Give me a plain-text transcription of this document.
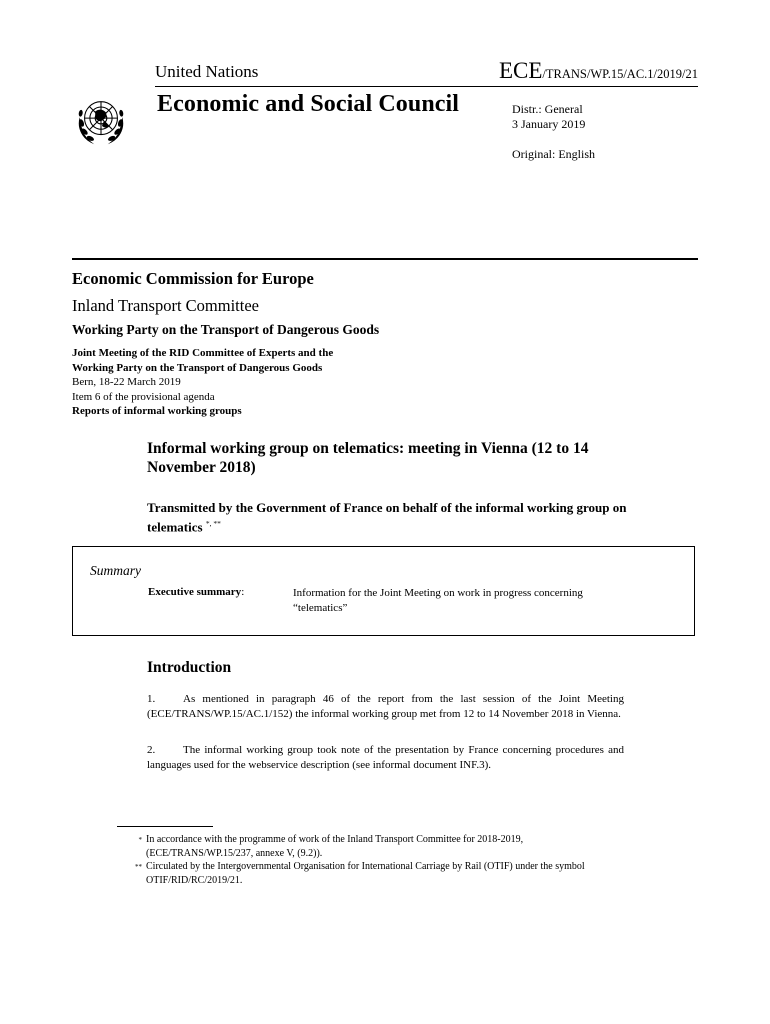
United Nations	ECE/TRANS/WP.15/AC.1/2019/21
Economic and Social Council	Distr.: General
3 January 2019
Original: English
Economic Commission for Europe
Inland Transport Committee
Working Party on the Transport of Dangerous Goods
Joint Meeting of the RID Committee of Experts and the
Working Party on the Transport of Dangerous Goods
Bern, 18-22 March 2019
Item 6 of the provisional agenda
Reports of informal working groups
Informal working group on telematics: meeting in Vienna (12 to 14 November 2018)
Transmitted by the Government of France on behalf of the informal working group on telematics *, **
Summary
Executive summary:	Information for the Joint Meeting on work in progress concerning “telematics”
Introduction
1.	As mentioned in paragraph 46 of the report from the last session of the Joint Meeting (ECE/TRANS/WP.15/AC.1/152) the informal working group met from 12 to 14 November 2018 in Vienna.
2.	The informal working group took note of the presentation by France concerning procedures and languages used for the webservice description (see informal document INF.3).
* In accordance with the programme of work of the Inland Transport Committee for 2018-2019, (ECE/TRANS/WP.15/237, annexe V, (9.2)).
** Circulated by the Intergovernmental Organisation for International Carriage by Rail (OTIF) under the symbol OTIF/RID/RC/2019/21.
